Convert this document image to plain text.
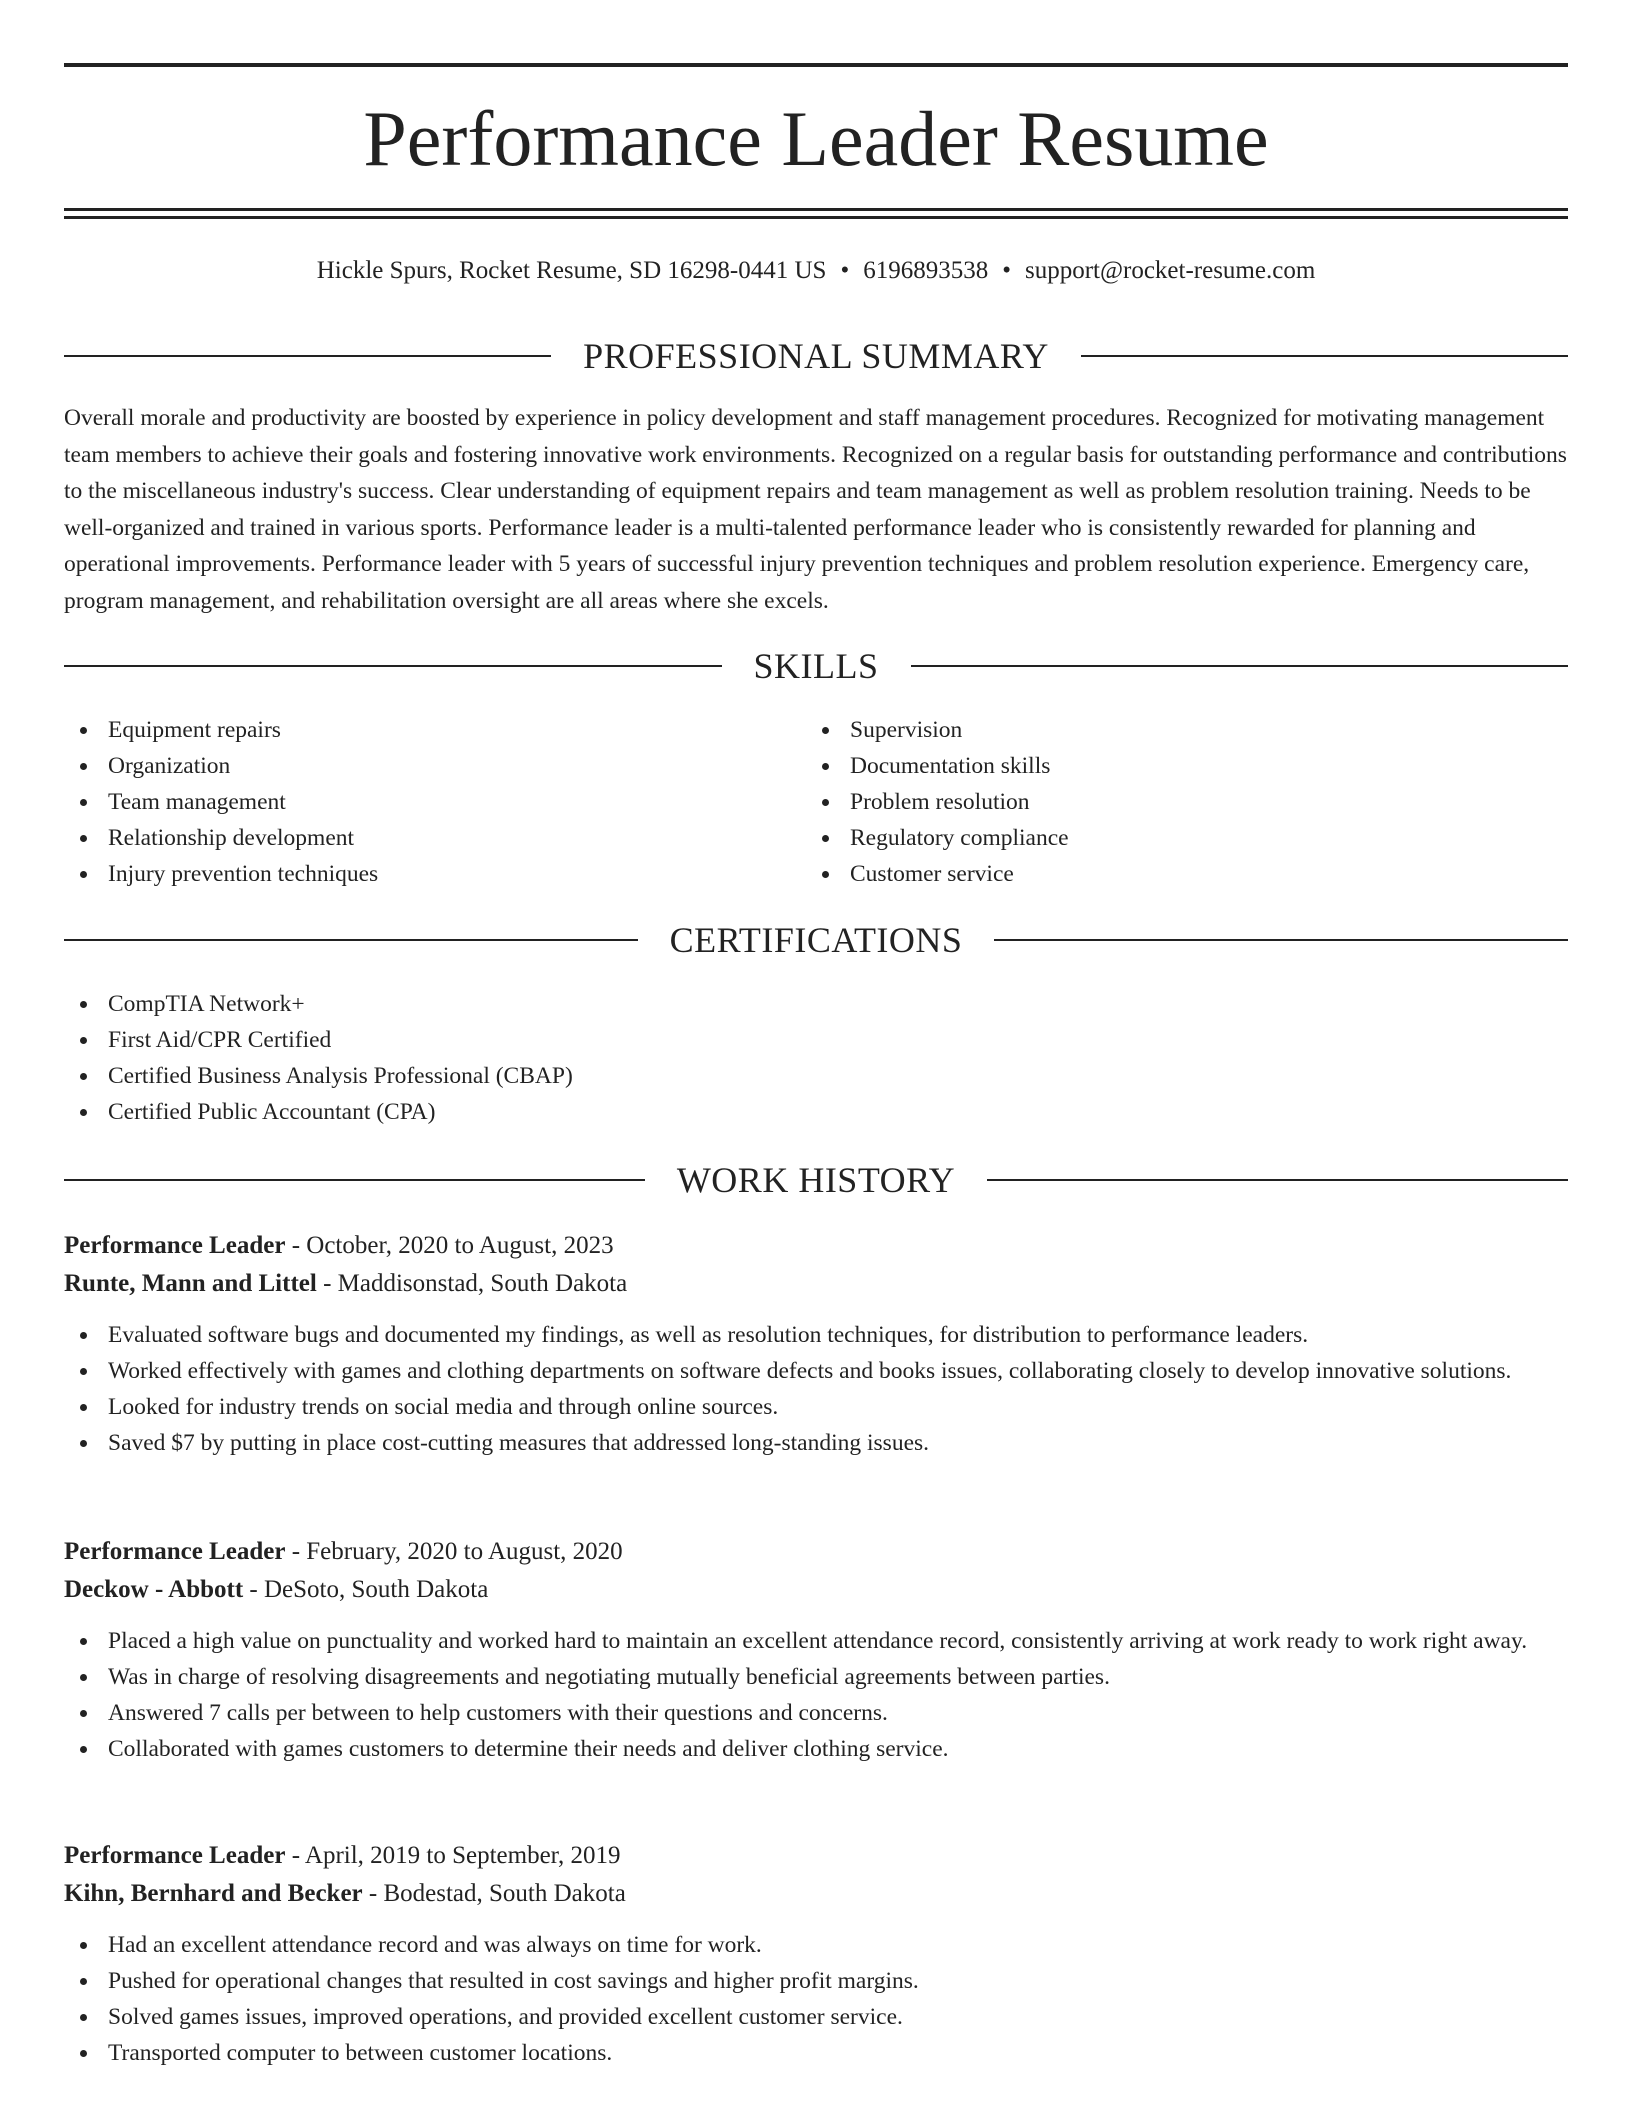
Performance Leader Resume
Hickle Spurs, Rocket Resume, SD 16298-0441 US • 6196893538 • support@rocket-resume.com
PROFESSIONAL SUMMARY

Overall morale and productivity are boosted by experience in policy development and staff management procedures. Recognized for motivating management team members to achieve their goals and fostering innovative work environments. Recognized on a regular basis for outstanding performance and contributions to the miscellaneous industry's success. Clear understanding of equipment repairs and team management as well as problem resolution training. Needs to be well-organized and trained in various sports. Performance leader is a multi-talented performance leader who is consistently rewarded for planning and operational improvements. Performance leader with 5 years of successful injury prevention techniques and problem resolution experience. Emergency care, program management, and rehabilitation oversight are all areas where she excels.

SKILLS
Equipment repairs
Organization
Team management
Relationship development
Injury prevention techniques
Supervision
Documentation skills
Problem resolution
Regulatory compliance
Customer service
CERTIFICATIONS
CompTIA Network+
First Aid/CPR Certified
Certified Business Analysis Professional (CBAP)
Certified Public Accountant (CPA)
WORK HISTORY
Performance Leader - October, 2020 to August, 2023
Runte, Mann and Littel - Maddisonstad, South Dakota
Evaluated software bugs and documented my findings, as well as resolution techniques, for distribution to performance leaders.
Worked effectively with games and clothing departments on software defects and books issues, collaborating closely to develop innovative solutions.
Looked for industry trends on social media and through online sources.
Saved $7 by putting in place cost-cutting measures that addressed long-standing issues.
Performance Leader - February, 2020 to August, 2020
Deckow - Abbott - DeSoto, South Dakota
Placed a high value on punctuality and worked hard to maintain an excellent attendance record, consistently arriving at work ready to work right away.
Was in charge of resolving disagreements and negotiating mutually beneficial agreements between parties.
Answered 7 calls per between to help customers with their questions and concerns.
Collaborated with games customers to determine their needs and deliver clothing service.
Performance Leader - April, 2019 to September, 2019
Kihn, Bernhard and Becker - Bodestad, South Dakota
Had an excellent attendance record and was always on time for work.
Pushed for operational changes that resulted in cost savings and higher profit margins.
Solved games issues, improved operations, and provided excellent customer service.
Transported computer to between customer locations.
